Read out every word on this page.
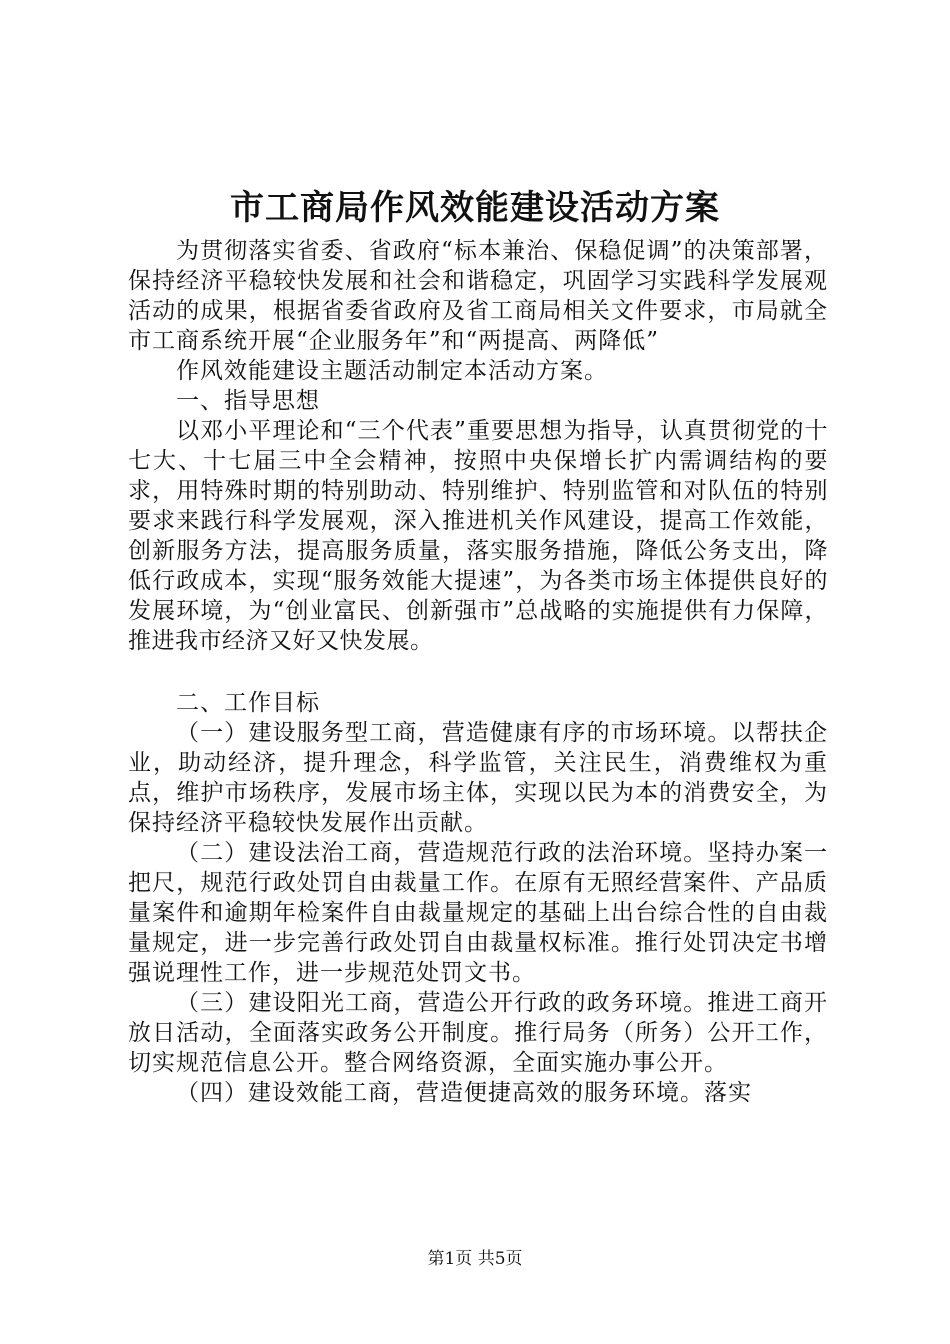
市工商局作风效能建设活动方案

为贯彻落实省委、省政府“标本兼治、保稳促调”的决策部署，保持经济平稳较快发展和社会和谐稳定，巩固学习实践科学发展观活动的成果，根据省委省政府及省工商局相关文件要求，市局就全市工商系统开展“企业服务年”和“两提高、两降低”

作风效能建设主题活动制定本活动方案。

一、指导思想

以邓小平理论和“三个代表”重要思想为指导，认真贯彻党的十七大、十七届三中全会精神，按照中央保增长扩内需调结构的要求，用特殊时期的特别助动、特别维护、特别监管和对队伍的特别要求来践行科学发展观，深入推进机关作风建设，提高工作效能，创新服务方法，提高服务质量，落实服务措施，降低公务支出，降低行政成本，实现“服务效能大提速”，为各类市场主体提供良好的发展环境，为“创业富民、创新强市”总战略的实施提供有力保障，推进我市经济又好又快发展。

二、工作目标

（一）建设服务型工商，营造健康有序的市场环境。以帮扶企业，助动经济，提升理念，科学监管，关注民生，消费维权为重点，维护市场秩序，发展市场主体，实现以民为本的消费安全，为保持经济平稳较快发展作出贡献。

（二）建设法治工商，营造规范行政的法治环境。坚持办案一把尺，规范行政处罚自由裁量工作。在原有无照经营案件、产品质量案件和逾期年检案件自由裁量规定的基础上出台综合性的自由裁量规定，进一步完善行政处罚自由裁量权标准。推行处罚决定书增强说理性工作，进一步规范处罚文书。

（三）建设阳光工商，营造公开行政的政务环境。推进工商开放日活动，全面落实政务公开制度。推行局务（所务）公开工作，切实规范信息公开。整合网络资源，全面实施办事公开。

（四）建设效能工商，营造便捷高效的服务环境。落实

第1页 共5页
